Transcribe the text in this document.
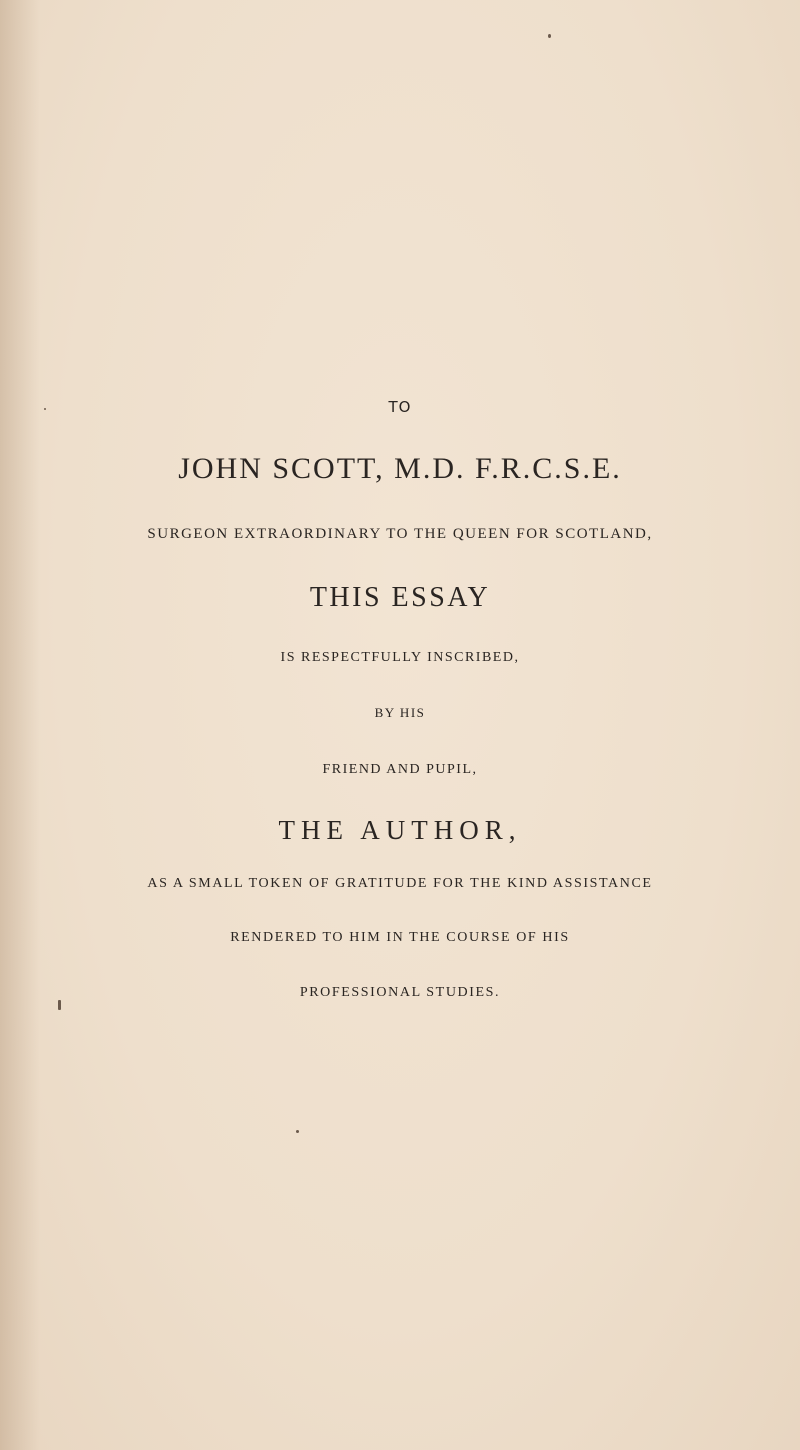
TO
JOHN SCOTT, M.D. F.R.C.S.E.
SURGEON EXTRAORDINARY TO THE QUEEN FOR SCOTLAND,
THIS ESSAY
IS RESPECTFULLY INSCRIBED,
BY HIS
FRIEND AND PUPIL,
THE AUTHOR,
AS A SMALL TOKEN OF GRATITUDE FOR THE KIND ASSISTANCE
RENDERED TO HIM IN THE COURSE OF HIS
PROFESSIONAL STUDIES.
